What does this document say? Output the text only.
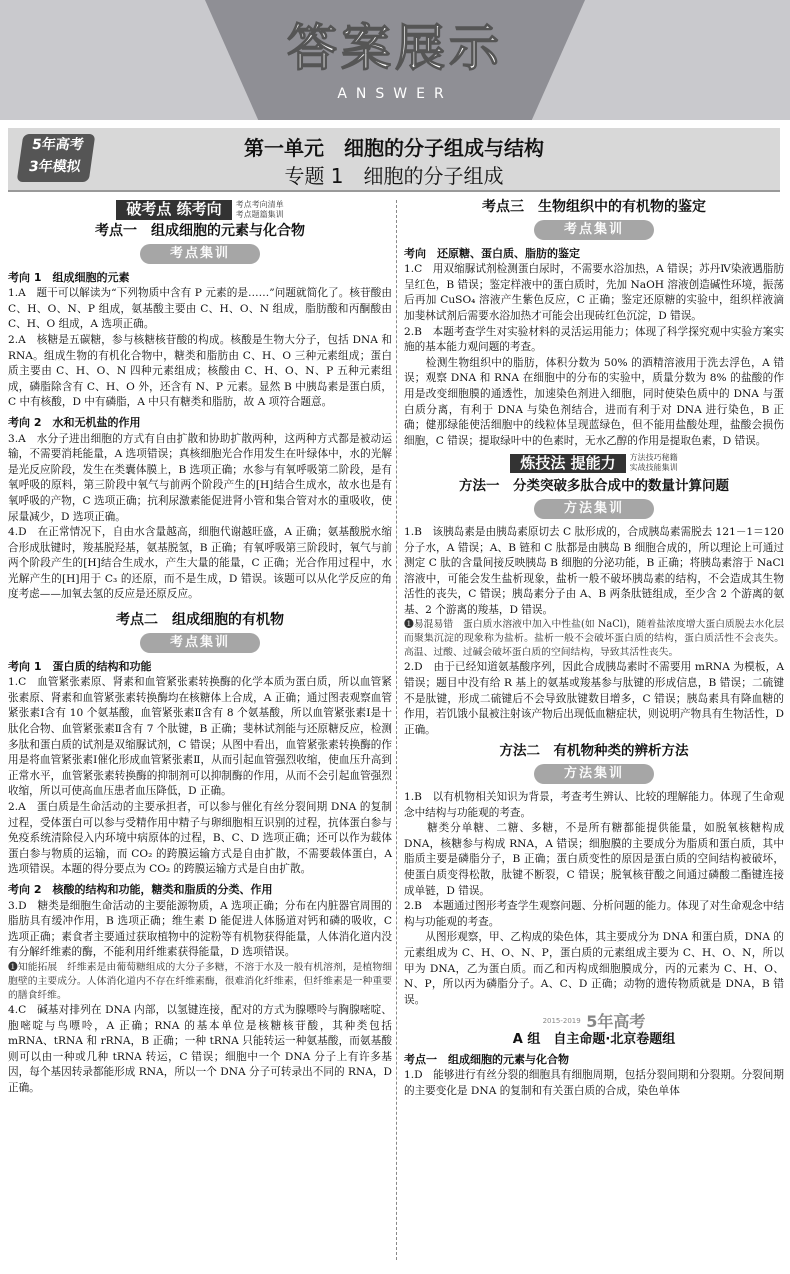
答案展示
ANSWER
5年高考
3年模拟
第一单元　细胞的分子组成与结构
专题 1　细胞的分子组成
破考点 练考向	考点考向清单
考点题篇集训
考点一　组成细胞的元素与化合物
考点集训
考向 1　组成细胞的元素

1.A　题干可以解读为“下列物质中含有 P 元素的是……”问题就简化了。核苷酸由 C、H、O、N、P 组成，氨基酸主要由 C、H、O、N 组成，脂肪酸和丙酮酸由 C、H、O 组成，A 选项正确。

2.A　核糖是五碳糖，参与核糖核苷酸的构成。核酸是生物大分子，包括 DNA 和 RNA。组成生物的有机化合物中，糖类和脂肪由 C、H、O 三种元素组成；蛋白质主要由 C、H、O、N 四种元素组成；核酸由 C、H、O、N、P 五种元素组成，磷脂除含有 C、H、O 外，还含有 N、P 元素。显然 B 中胰岛素是蛋白质，C 中有核酸，D 中有磷脂，A 中只有糖类和脂肪，故 A 项符合题意。

考向 2　水和无机盐的作用

3.A　水分子进出细胞的方式有自由扩散和协助扩散两种，这两种方式都是被动运输，不需要消耗能量，A 选项错误；真核细胞光合作用发生在叶绿体中，水的光解是光反应阶段，发生在类囊体膜上，B 选项正确；水参与有氧呼吸第二阶段，是有氧呼吸的原料，第三阶段中氧气与前两个阶段产生的[H]结合生成水，故水也是有氧呼吸的产物，C 选项正确；抗利尿激素能促进肾小管和集合管对水的重吸收，使尿量减少，D 选项正确。

4.D　在正常情况下，自由水含量越高，细胞代谢越旺盛，A 正确；氨基酸脱水缩合形成肽键时，羧基脱羟基，氨基脱氢，B 正确；有氧呼吸第三阶段时，氧气与前两个阶段产生的[H]结合生成水，产生大量的能量，C 正确；光合作用过程中，水光解产生的[H]用于 C₃ 的还原，而不是生成，D 错误。该题可以从化学反应的角度考虑——加氧去氢的反应是还原反应。

考点二　组成细胞的有机物
考点集训
考向 1　蛋白质的结构和功能

1.C　血管紧张素原、肾素和血管紧张素转换酶的化学本质为蛋白质，所以血管紧张素原、肾素和血管紧张素转换酶均在核糖体上合成，A 正确；通过图表观察血管紧张素Ⅰ含有 10 个氨基酸，血管紧张素Ⅱ含有 8 个氨基酸，所以血管紧张素Ⅰ是十肽化合物、血管紧张素Ⅱ含有 7 个肽键，B 正确；斐林试剂能与还原糖反应，检测多肽和蛋白质的试剂是双缩脲试剂，C 错误；从图中看出，血管紧张素转换酶的作用是将血管紧张素Ⅰ催化形成血管紧张素Ⅱ，从而引起血管强烈收缩，使血压升高到正常水平，血管紧张素转换酶的抑制剂可以抑制酶的作用，从而不会引起血管强烈收缩，所以可使高血压患者血压降低，D 正确。

2.A　蛋白质是生命活动的主要承担者，可以参与催化有丝分裂间期 DNA 的复制过程，受体蛋白可以参与受精作用中精子与卵细胞相互识别的过程，抗体蛋白参与免疫系统清除侵入内环境中病原体的过程，B、C、D 选项正确；还可以作为载体蛋白参与物质的运输，而 CO₂ 的跨膜运输方式是自由扩散，不需要载体蛋白，A 选项错误。本题的得分要点为 CO₂ 的跨膜运输方式是自由扩散。

考向 2　核酸的结构和功能，糖类和脂质的分类、作用

3.D　糖类是细胞生命活动的主要能源物质，A 选项正确；分布在内脏器官周围的脂肪具有缓冲作用，B 选项正确；维生素 D 能促进人体肠道对钙和磷的吸收，C 选项正确；素食者主要通过获取植物中的淀粉等有机物获得能量，人体消化道内没有分解纤维素的酶，不能利用纤维素获得能量，D 选项错误。

❶知能拓展　纤维素是由葡萄糖组成的大分子多糖，不溶于水及一般有机溶剂，是植物细胞壁的主要成分。人体消化道内不存在纤维素酶，很难消化纤维素，但纤维素是一种重要的膳食纤维。

4.C　碱基对排列在 DNA 内部，以氢键连接，配对的方式为腺嘌呤与胸腺嘧啶、胞嘧啶与鸟嘌呤，A 正确；RNA 的基本单位是核糖核苷酸，其种类包括 mRNA、tRNA 和 rRNA，B 正确；一种 tRNA 只能转运一种氨基酸，而氨基酸则可以由一种或几种 tRNA 转运，C 错误；细胞中一个 DNA 分子上有许多基因，每个基因转录都能形成 RNA，所以一个 DNA 分子可转录出不同的 RNA，D 正确。

考点三　生物组织中的有机物的鉴定
考点集训
考向　还原糖、蛋白质、脂肪的鉴定

1.C　用双缩脲试剂检测蛋白尿时，不需要水浴加热，A 错误；苏丹Ⅳ染液遇脂肪呈红色，B 错误；鉴定样液中的蛋白质时，先加 NaOH 溶液创造碱性环境，振荡后再加 CuSO₄ 溶液产生紫色反应，C 正确；鉴定还原糖的实验中，组织样液滴加斐林试剂后需要水浴加热才可能会出现砖红色沉淀，D 错误。

2.B　本题考查学生对实验材料的灵活运用能力；体现了科学探究观中实验方案实施的基本能力观问题的考查。

　　检测生物组织中的脂肪，体积分数为 50% 的酒精溶液用于洗去浮色，A 错误；观察 DNA 和 RNA 在细胞中的分布的实验中，质量分数为 8% 的盐酸的作用是改变细胞膜的通透性，加速染色剂进入细胞，同时使染色质中的 DNA 与蛋白质分离，有利于 DNA 与染色剂结合，进而有利于对 DNA 进行染色，B 正确；健那绿能使活细胞中的线粒体呈现蓝绿色，但不能用盐酸处理，盐酸会损伤细胞，C 错误；提取绿叶中的色素时，无水乙醇的作用是提取色素，D 错误。

炼技法 提能力	方法技巧秘籍
实战技能集训
方法一　分类突破多肽合成中的数量计算问题
方法集训

1.B　该胰岛素是由胰岛素原切去 C 肽形成的，合成胰岛素需脱去 121－1＝120 分子水，A 错误；A、B 链和 C 肽都是由胰岛 B 细胞合成的，所以理论上可通过测定 C 肽的含量间接反映胰岛 B 细胞的分泌功能，B 正确；将胰岛素溶于 NaCl 溶液中，可能会发生盐析现象，盐析一般不破坏胰岛素的结构，不会造成其生物活性的丧失，C 错误；胰岛素分子由 A、B 两条肽链组成，至少含 2 个游离的氨基、2 个游离的羧基，D 错误。

❶易混易错　蛋白质水溶液中加入中性盐(如 NaCl)，随着盐浓度增大蛋白质脱去水化层而聚集沉淀的现象称为盐析。盐析一般不会破坏蛋白质的结构，蛋白质活性不会丧失。高温、过酸、过碱会破坏蛋白质的空间结构，导致其活性丧失。

2.D　由于已经知道氨基酸序列，因此合成胰岛素时不需要用 mRNA 为模板，A 错误；题目中没有给 R 基上的氨基或羧基参与肽键的形成信息，B 错误；二硫键不是肽键，形成二硫键后不会导致肽键数目增多，C 错误；胰岛素具有降血糖的作用，若饥饿小鼠被注射该产物后出现低血糖症状，则说明产物具有生物活性，D 正确。

方法二　有机物种类的辨析方法
方法集训

1.B　以有机物相关知识为背景，考查考生辨认、比较的理解能力。体现了生命观念中结构与功能观的考查。

　　糖类分单糖、二糖、多糖，不是所有糖都能提供能量，如脱氧核糖构成 DNA，核糖参与构成 RNA，A 错误；细胞膜的主要成分为脂质和蛋白质，其中脂质主要是磷脂分子，B 正确；蛋白质变性的原因是蛋白质的空间结构被破坏，使蛋白质变得松散，肽键不断裂，C 错误；脱氧核苷酸之间通过磷酸二酯键连接成单链，D 错误。

2.B　本题通过图形考查学生观察问题、分析问题的能力。体现了对生命观念中结构与功能观的考查。

　　从图形观察，甲、乙构成的染色体，其主要成分为 DNA 和蛋白质，DNA 的元素组成为 C、H、O、N、P，蛋白质的元素组成主要为 C、H、O、N，所以甲为 DNA，乙为蛋白质。而乙和丙构成细胞膜成分，丙的元素为 C、H、O、N、P，所以丙为磷脂分子。A、C、D 正确；动物的遗传物质就是 DNA，B 错误。

$^{2015-2019}$ 5年高考
A 组　自主命题·北京卷题组
考点一　组成细胞的元素与化合物

1.D　能够进行有丝分裂的细胞具有细胞周期，包括分裂间期和分裂期。分裂间期的主要变化是 DNA 的复制和有关蛋白质的合成，染色单体
